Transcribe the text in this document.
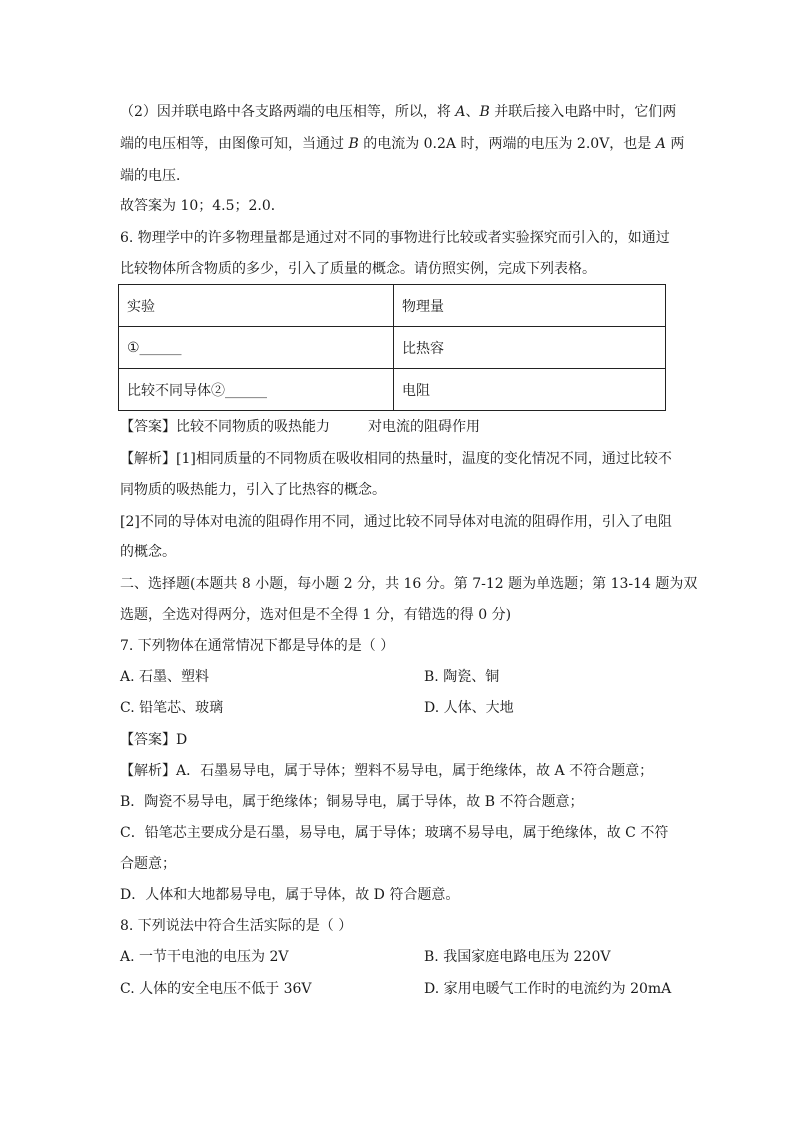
（2）因并联电路中各支路两端的电压相等，所以，将 A、B 并联后接入电路中时，它们两
端的电压相等，由图像可知，当通过 B 的电流为 0.2A 时，两端的电压为 2.0V，也是 A 两
端的电压．
故答案为 10；4.5；2.0．
6. 物理学中的许多物理量都是通过对不同的事物进行比较或者实验探究而引入的，如通过
比较物体所含物质的多少，引入了质量的概念。请仿照实例，完成下列表格。
实验	物理量
①______	比热容
比较不同导体②______	电阻
【答案】比较不同物质的吸热能力	对电流的阻碍作用
【解析】[1]相同质量的不同物质在吸收相同的热量时，温度的变化情况不同，通过比较不
同物质的吸热能力，引入了比热容的概念。
[2]不同的导体对电流的阻碍作用不同，通过比较不同导体对电流的阻碍作用，引入了电阻
的概念。
二、选择题(本题共 8 小题，每小题 2 分，共 16 分。第 7-12 题为单选题；第 13-14 题为双
选题，全选对得两分，选对但是不全得 1 分，有错选的得 0 分)
7. 下列物体在通常情况下都是导体的是（ ）
A. 石墨、塑料	B. 陶瓷、铜
C. 铅笔芯、玻璃	D. 人体、大地
【答案】D
【解析】A．石墨易导电，属于导体；塑料不易导电，属于绝缘体，故 A 不符合题意；
B．陶瓷不易导电，属于绝缘体；铜易导电，属于导体，故 B 不符合题意；
C．铅笔芯主要成分是石墨，易导电，属于导体；玻璃不易导电，属于绝缘体，故 C 不符
合题意；
D．人体和大地都易导电，属于导体，故 D 符合题意。
8. 下列说法中符合生活实际的是（ ）
A. 一节干电池的电压为 2V	B. 我国家庭电路电压为 220V
C. 人体的安全电压不低于 36V	D. 家用电暖气工作时的电流约为 20mA
